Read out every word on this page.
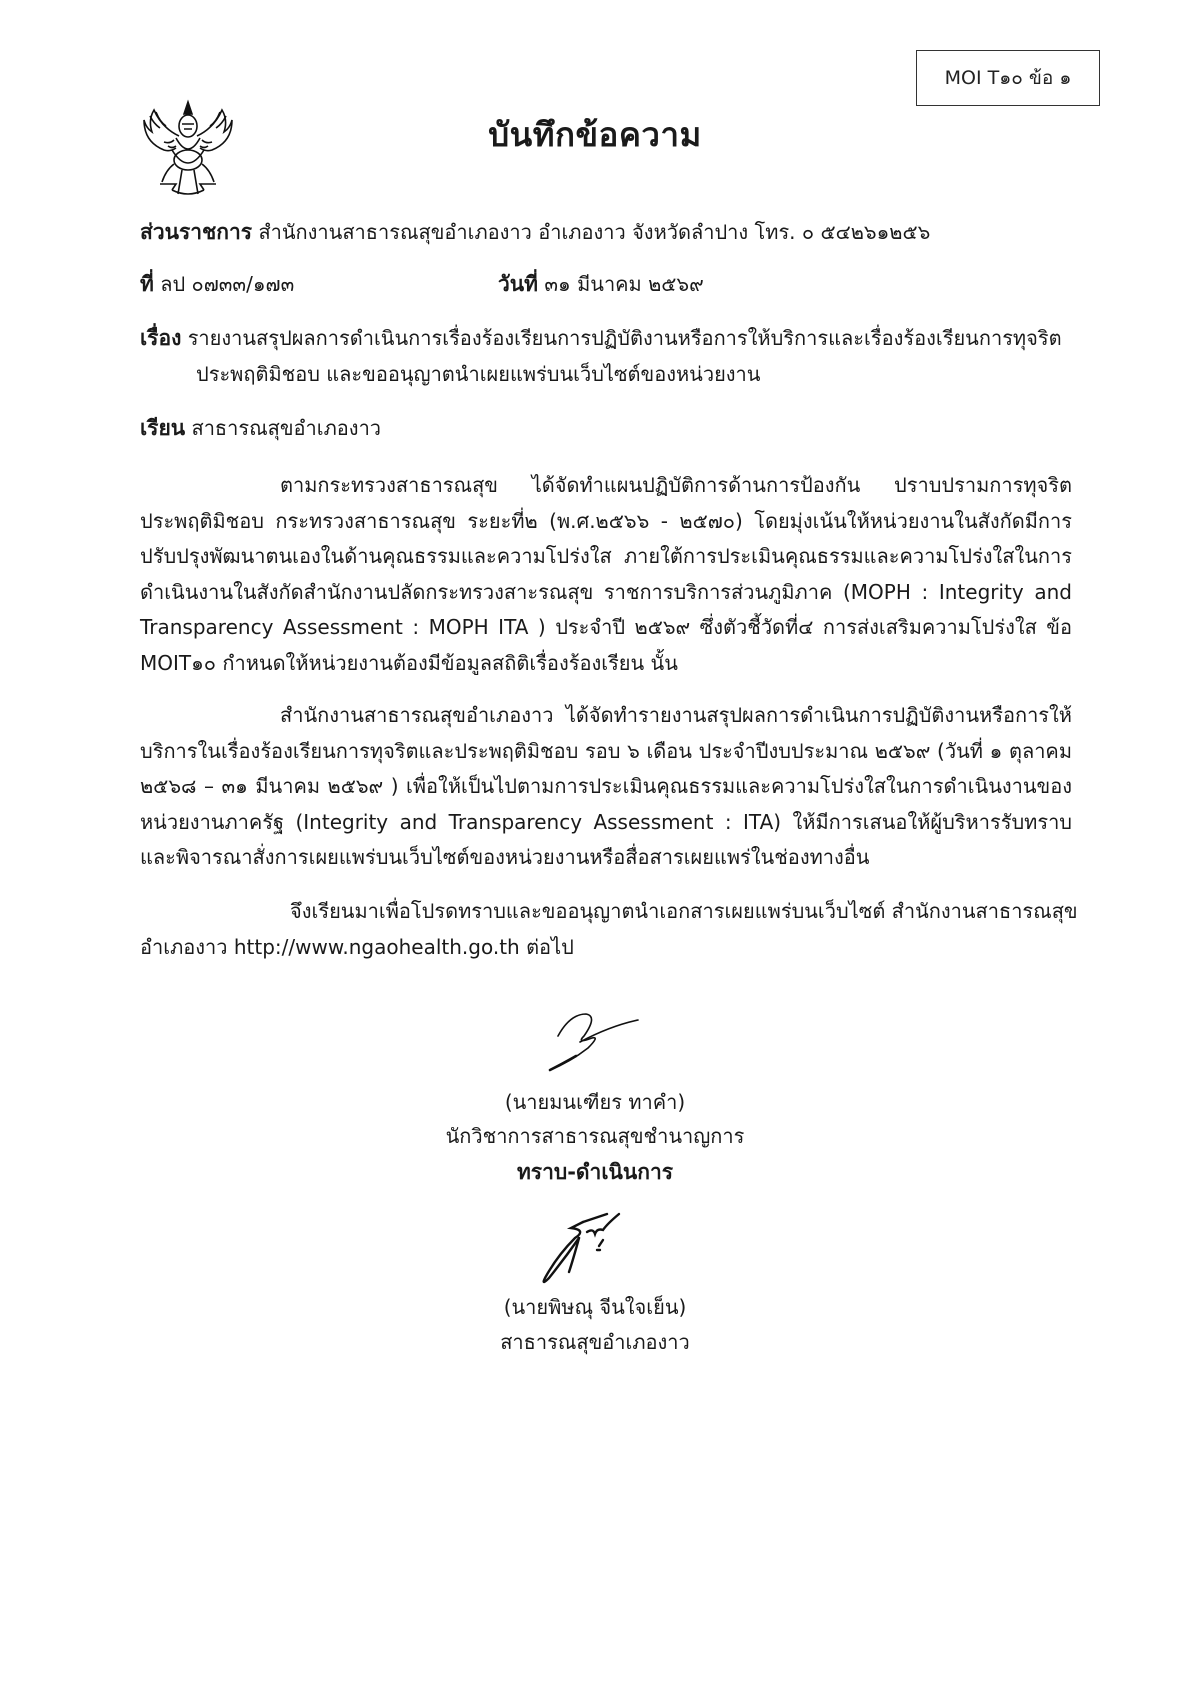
MOI T๑๐ ข้อ ๑
บันทึกข้อความ
ส่วนราชการ สำนักงานสาธารณสุขอำเภองาว อำเภองาว จังหวัดลำปาง โทร. ๐ ๕๔๒๖๑๒๕๖
ที่ ลป ๐๗๓๓/๑๗๓	วันที่ ๓๑ มีนาคม ๒๕๖๙
เรื่อง รายงานสรุปผลการดำเนินการเรื่องร้องเรียนการปฏิบัติงานหรือการให้บริการและเรื่องร้องเรียนการทุจริต
ประพฤติมิชอบ และขออนุญาตนำเผยแพร่บนเว็บไซต์ของหน่วยงาน
เรียน สาธารณสุขอำเภองาว
ตามกระทรวงสาธารณสุข ได้จัดทำแผนปฏิบัติการด้านการป้องกัน ปราบปรามการทุจริต ประพฤติมิชอบ กระทรวงสาธารณสุข ระยะที่๒ (พ.ศ.๒๕๖๖ - ๒๕๗๐) โดยมุ่งเน้นให้หน่วยงานในสังกัดมีการปรับปรุงพัฒนาตนเองในด้านคุณธรรมและความโปร่งใส ภายใต้การประเมินคุณธรรมและความโปร่งใสในการดำเนินงานในสังกัดสำนักงานปลัดกระทรวงสาะรณสุข ราชการบริการส่วนภูมิภาค (MOPH : Integrity and Transparency Assessment : MOPH ITA ) ประจำปี ๒๕๖๙ ซึ่งตัวชี้วัดที่๔ การส่งเสริมความโปร่งใส ข้อ MOIT๑๐ กำหนดให้หน่วยงานต้องมีข้อมูลสถิติเรื่องร้องเรียน นั้น
สำนักงานสาธารณสุขอำเภองาว ได้จัดทำรายงานสรุปผลการดำเนินการปฏิบัติงานหรือการให้บริการในเรื่องร้องเรียนการทุจริตและประพฤติมิชอบ รอบ ๖ เดือน ประจำปีงบประมาณ ๒๕๖๙ (วันที่ ๑ ตุลาคม ๒๕๖๘ – ๓๑ มีนาคม ๒๕๖๙ ) เพื่อให้เป็นไปตามการประเมินคุณธรรมและความโปร่งใสในการดำเนินงานของหน่วยงานภาครัฐ (Integrity and Transparency Assessment : ITA) ให้มีการเสนอให้ผู้บริหารรับทราบและพิจารณาสั่งการเผยแพร่บนเว็บไซต์ของหน่วยงานหรือสื่อสารเผยแพร่ในช่องทางอื่น
จึงเรียนมาเพื่อโปรดทราบและขออนุญาตนำเอกสารเผยแพร่บนเว็บไซต์ สำนักงานสาธารณสุข
อำเภองาว http://www.ngaohealth.go.th ต่อไป
(นายมนเฑียร ทาคำ)
นักวิชาการสาธารณสุขชำนาญการ
ทราบ-ดำเนินการ
(นายพิษณุ จีนใจเย็น)
สาธารณสุขอำเภองาว
